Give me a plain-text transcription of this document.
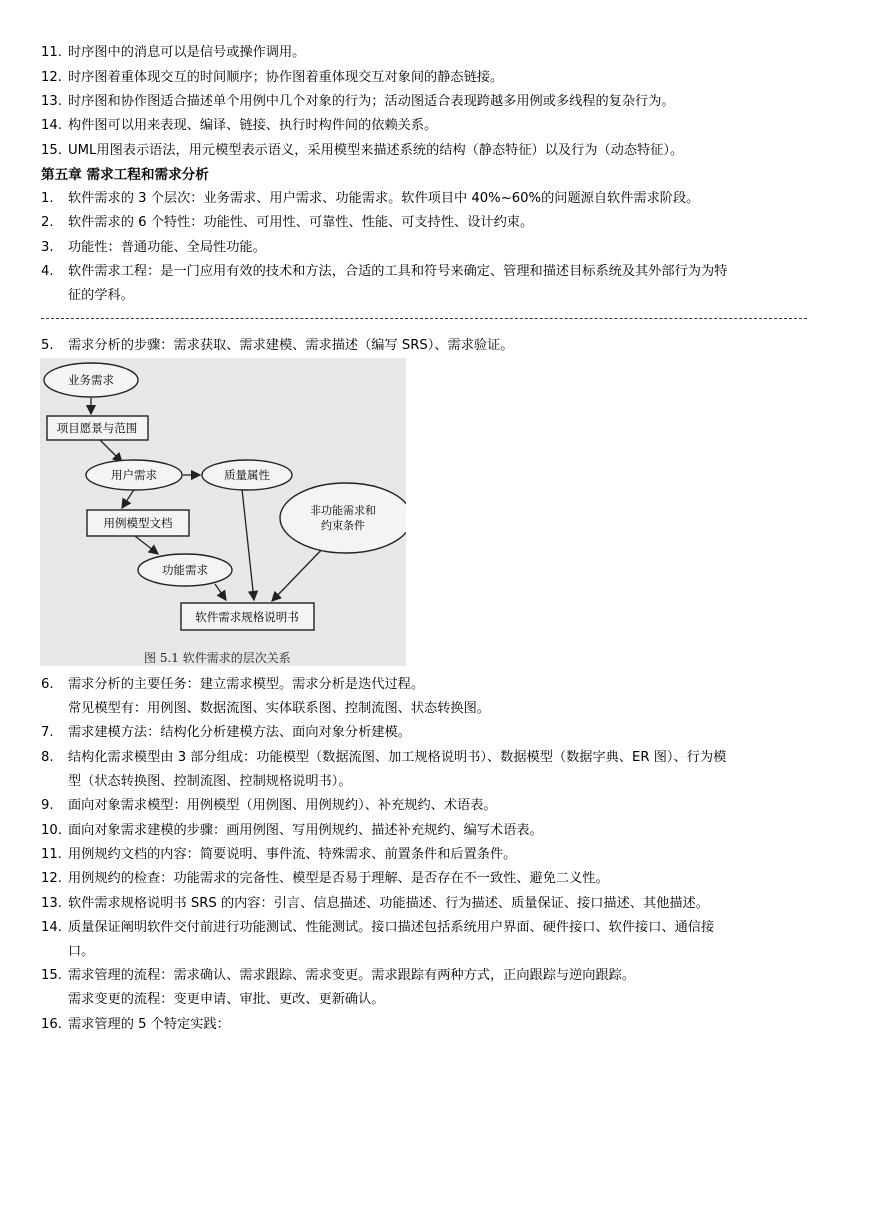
11. 时序图中的消息可以是信号或操作调用。
12. 时序图着重体现交互的时间顺序；协作图着重体现交互对象间的静态链接。
13. 时序图和协作图适合描述单个用例中几个对象的行为；活动图适合表现跨越多用例或多线程的复杂行为。
14. 构件图可以用来表现、编译、链接、执行时构件间的依赖关系。
15. UML用图表示语法，用元模型表示语义，采用模型来描述系统的结构（静态特征）以及行为（动态特征）。
第五章 需求工程和需求分析
1. 软件需求的 3 个层次：业务需求、用户需求、功能需求。软件项目中 40%~60%的问题源自软件需求阶段。
2. 软件需求的 6 个特性：功能性、可用性、可靠性、性能、可支持性、设计约束。
3. 功能性：普通功能、全局性功能。
4. 软件需求工程：是一门应用有效的技术和方法，合适的工具和符号来确定、管理和描述目标系统及其外部行为为特
征的学科。
5. 需求分析的步骤：需求获取、需求建模、需求描述（编写 SRS）、需求验证。
业务需求
项目愿景与范围
用户需求	质量属性
非功能需求和
约束条件
用例模型文档
功能需求
软件需求规格说明书
图 5.1 软件需求的层次关系
6. 需求分析的主要任务：建立需求模型。需求分析是迭代过程。
常见模型有：用例图、数据流图、实体联系图、控制流图、状态转换图。
7. 需求建模方法：结构化分析建模方法、面向对象分析建模。
8. 结构化需求模型由 3 部分组成：功能模型（数据流图、加工规格说明书）、数据模型（数据字典、ER 图）、行为模
型（状态转换图、控制流图、控制规格说明书）。
9. 面向对象需求模型：用例模型（用例图、用例规约）、补充规约、术语表。
10. 面向对象需求建模的步骤：画用例图、写用例规约、描述补充规约、编写术语表。
11. 用例规约文档的内容：简要说明、事件流、特殊需求、前置条件和后置条件。
12. 用例规约的检查：功能需求的完备性、模型是否易于理解、是否存在不一致性、避免二义性。
13. 软件需求规格说明书 SRS 的内容：引言、信息描述、功能描述、行为描述、质量保证、接口描述、其他描述。
14. 质量保证阐明软件交付前进行功能测试、性能测试。接口描述包括系统用户界面、硬件接口、软件接口、通信接
口。
15. 需求管理的流程：需求确认、需求跟踪、需求变更。需求跟踪有两种方式，正向跟踪与逆向跟踪。
需求变更的流程：变更申请、审批、更改、更新确认。
16. 需求管理的 5 个特定实践：
